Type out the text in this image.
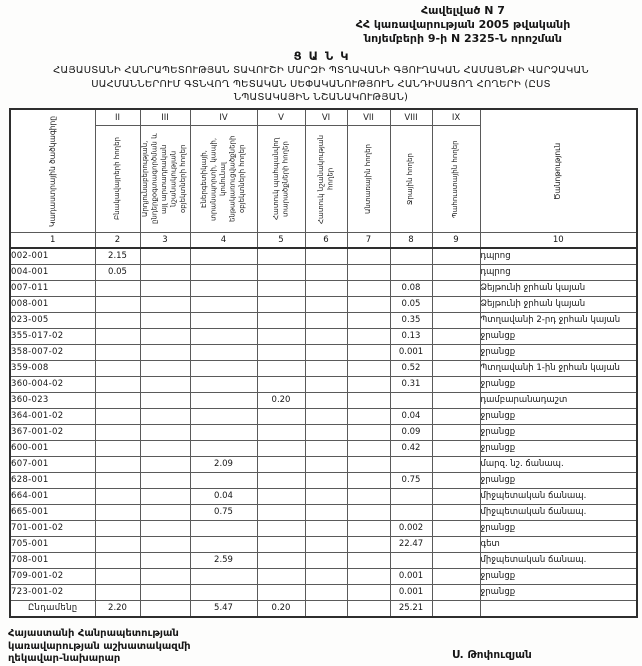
Հավելված N 7
ՀՀ կառավարության 2005 թվականի
նոյեմբերի 9-ի N 2325-Ն որոշման
ՑԱՆԿ
ՀԱՅԱՍՏԱՆԻ ՀԱՆՐԱՊԵՏՈՒԹՅԱՆ ՏԱՎՈՒՇԻ ՄԱՐԶԻ ՊՏՂԱՎԱՆԻ ԳՅՈՒՂԱԿԱՆ ՀԱՄԱՅՆՔԻ ՎԱՐՉԱԿԱՆ
ՍԱՀՄԱՆՆԵՐՈՒՄ ԳՏՆՎՈՂ ՊԵՏԱԿԱՆ ՍԵՓԱԿԱՆՈՒԹՅՈՒՆ ՀԱՆԴԻՍԱՑՈՂ ՀՈՂԵՐԻ (ԸՍՏ
ՆՊԱՏԱԿԱՅԻՆ ՆՇԱՆԱԿՈՒԹՅԱՆ)
Կադաստրային ծածկագիրը	II	III	IV	V	VI	VII	VIII	IX	Ծանոթություն

	Բնակավայրերի հողեր	Արդյունաբերության, ընդերքօգտագործման և այլ արտադրական նշանակության օբյեկտների հողեր	Էներգետիկայի, տրանսպորտի, կապի, կոմունալ ենթակառուցվածքների օբյեկտների հողեր	Հատուկ պահպանվող տարածքների հողեր	Հատուկ նշանակության հողեր	Անտառային հողեր	Ջրային հողեր	Պահուստային հողեր	

1	2	3	4	5	6	7	8	9	10
002-001	2.15								դպրոց
004-001	0.05								դպրոց
007-011							0.08		Ձեյթունի ջրհան կայան
008-001							0.05		Ձեյթունի ջրհան կայան
023-005							0.35		Պտղավանի 2-րդ ջրհան կայան
355-017-02							0.13		ջրանցք
358-007-02							0.001		ջրանցք
359-008							0.52		Պտղավանի 1-ին ջրհան կայան
360-004-02							0.31		ջրանցք
360-023				0.20					դամբարանադաշտ
364-001-02							0.04		ջրանցք
367-001-02							0.09		ջրանցք
600-001							0.42		ջրանցք
607-001			2.09						մարզ. նշ. ճանապ.
628-001							0.75		ջրանցք
664-001			0.04						միջպետական ճանապ.
665-001			0.75						միջպետական ճանապ.
701-001-02							0.002		ջրանցք
705-001							22.47		գետ
708-001			2.59						միջպետական ճանապ.
709-001-02							0.001		ջրանցք
723-001-02							0.001		ջրանցք
Ընդամենը	2.20		5.47	0.20			25.21		
Հայաստանի Հանրապետության
կառավարության աշխատակազմի
ղեկավար-նախարար	Ս. Թոփուզյան
